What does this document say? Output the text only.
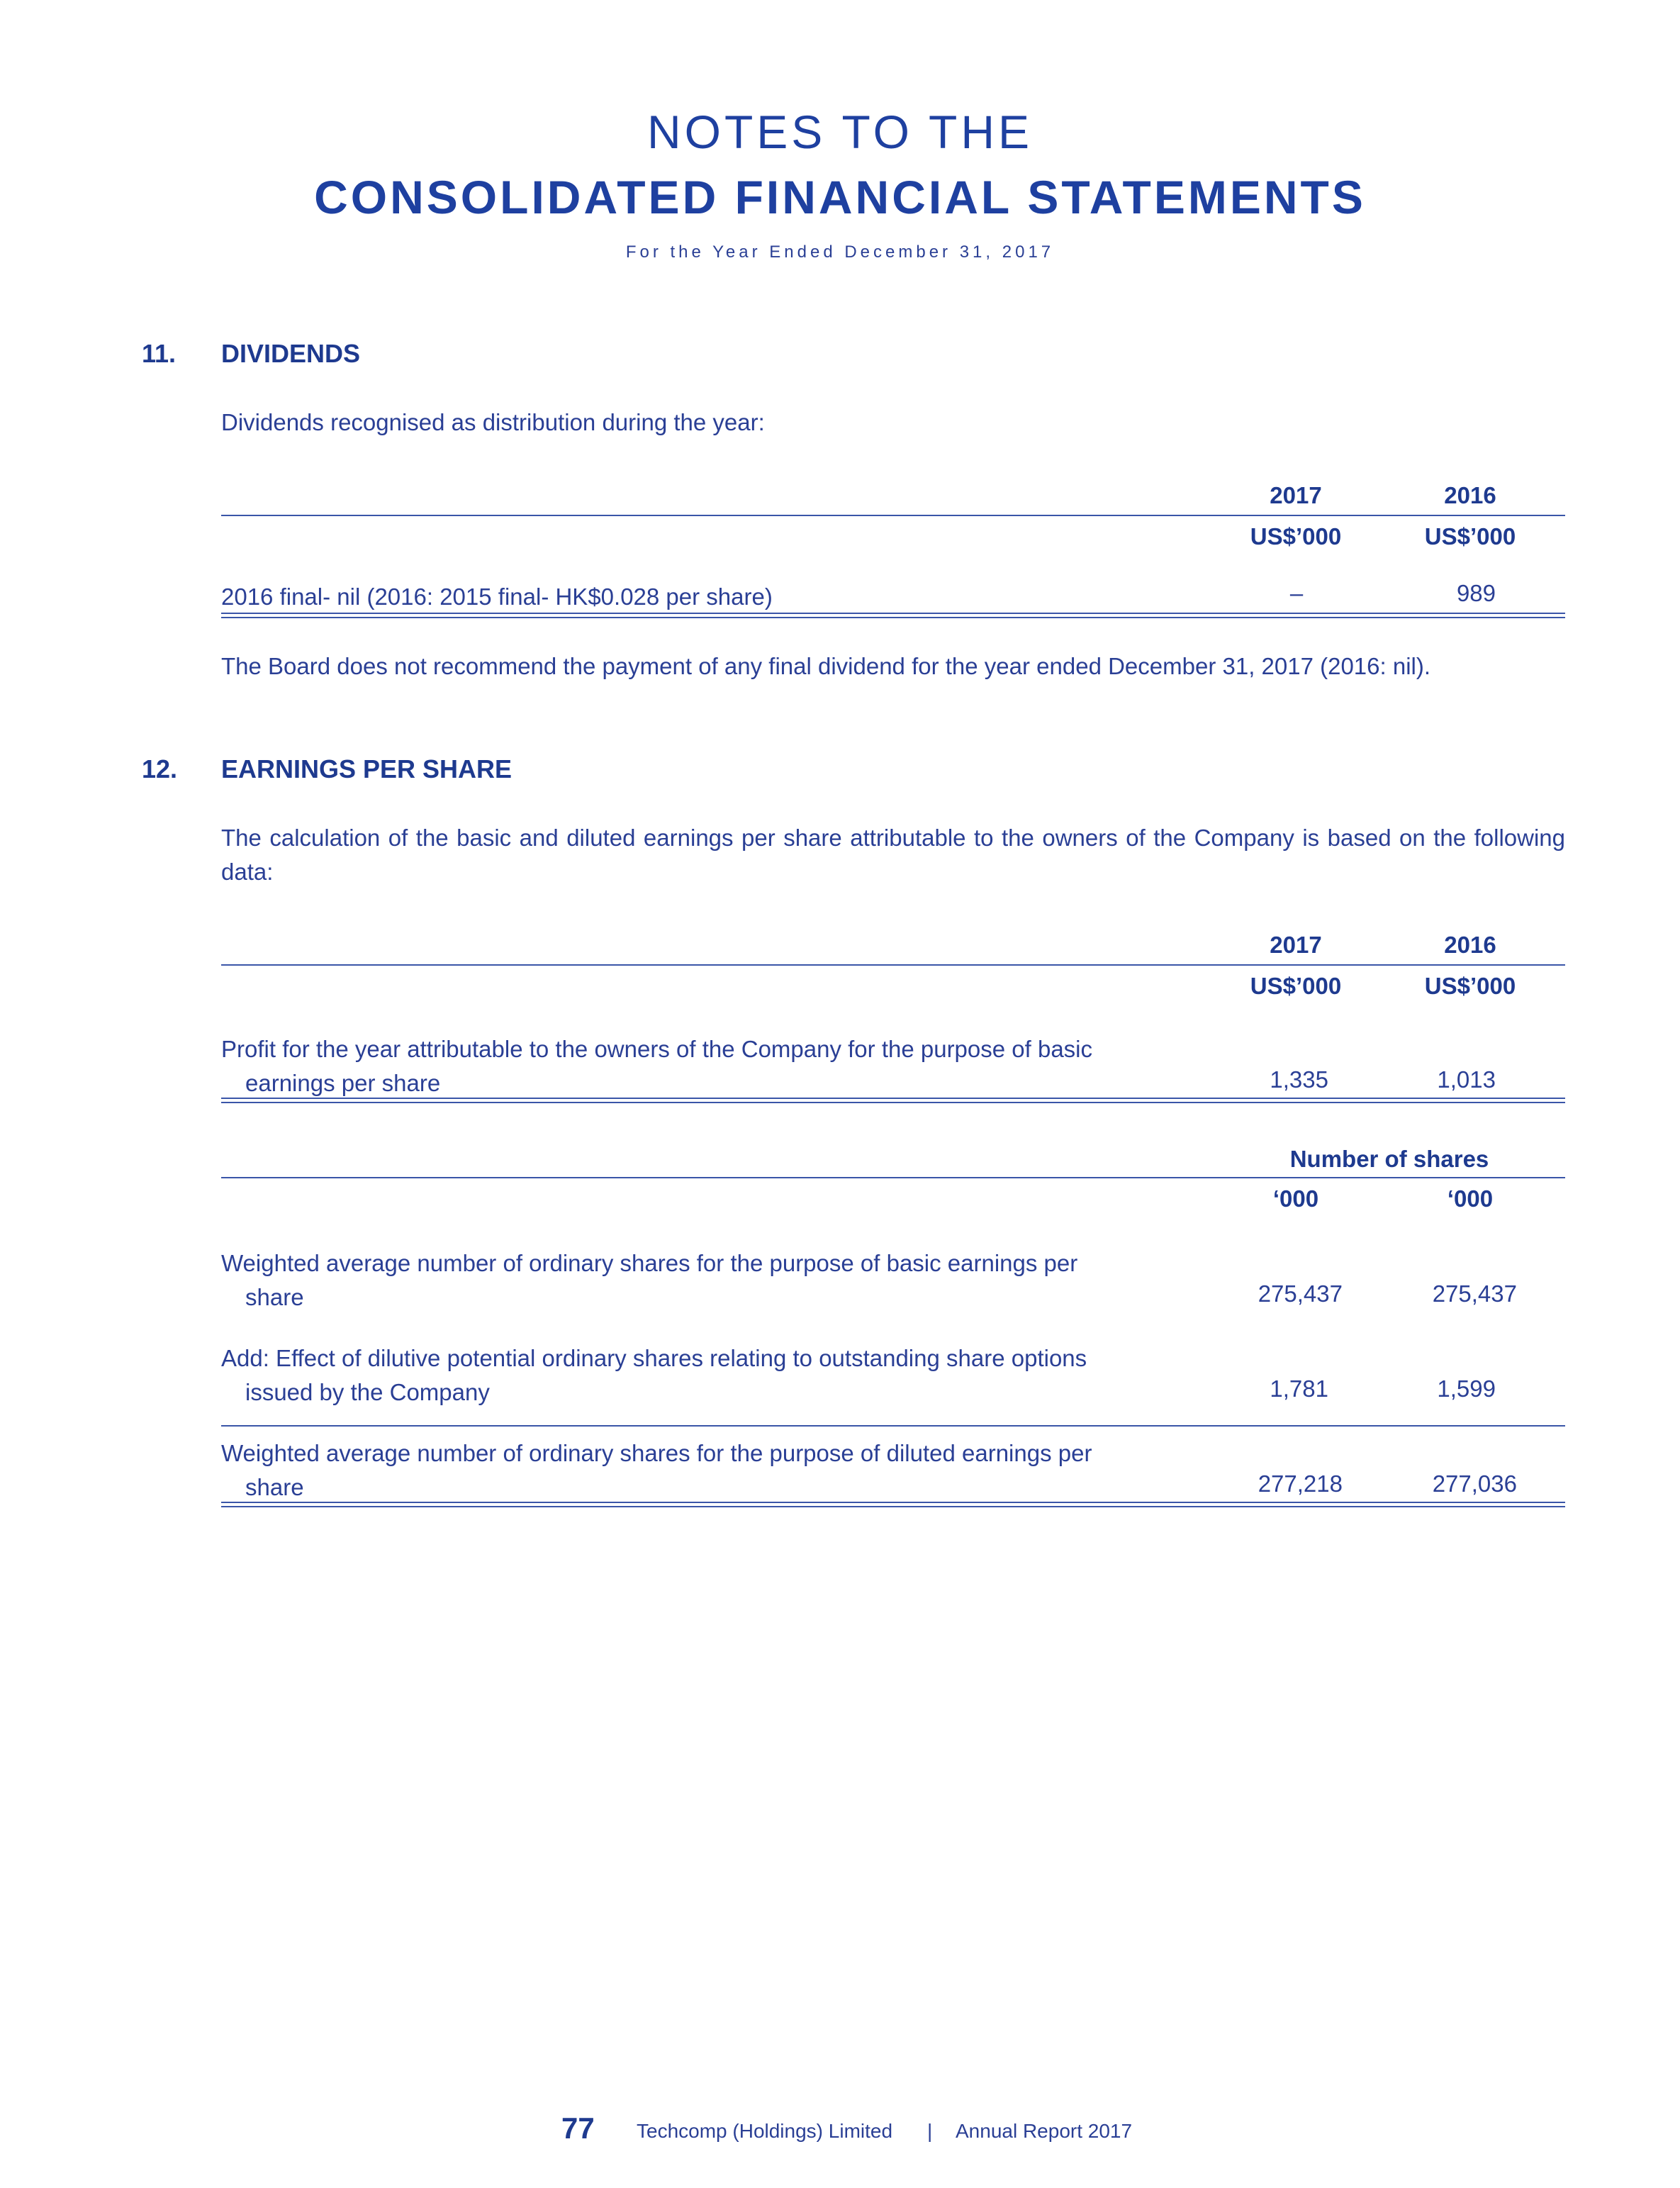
NOTES TO THE
CONSOLIDATED FINANCIAL STATEMENTS
For the Year Ended December 31, 2017
11. DIVIDENDS
Dividends recognised as distribution during the year:
2017	2016
US$’000	US$’000
2016 final- nil (2016: 2015 final- HK$0.028 per share)	–	989
The Board does not recommend the payment of any final dividend for the year ended December 31, 2017 (2016: nil).
12. EARNINGS PER SHARE
The calculation of the basic and diluted earnings per share attributable to the owners of the Company is based on the following data:
2017	2016
US$’000	US$’000
Profit for the year attributable to the owners of the Company for the purpose of basic
earnings per share	1,335	1,013
Number of shares
‘000	‘000
Weighted average number of ordinary shares for the purpose of basic earnings per
share	275,437	275,437
Add: Effect of dilutive potential ordinary shares relating to outstanding share options
issued by the Company	1,781	1,599
Weighted average number of ordinary shares for the purpose of diluted earnings per
share	277,218	277,036
77 Techcomp (Holdings) Limited | Annual Report 2017
